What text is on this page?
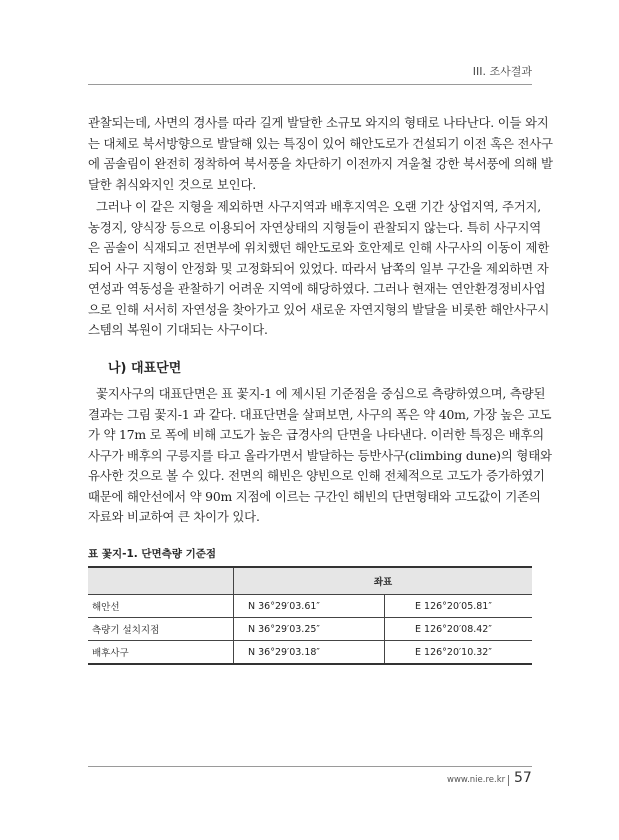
III. 조사결과
관찰되는데, 사면의 경사를 따라 길게 발달한 소규모 와지의 형태로 나타난다. 이들 와지
는 대체로 북서방향으로 발달해 있는 특징이 있어 해안도로가 건설되기 이전 혹은 전사구
에 곰솔림이 완전히 정착하여 북서풍을 차단하기 이전까지 겨울철 강한 북서풍에 의해 발
달한 취식와지인 것으로 보인다.
그러나 이 같은 지형을 제외하면 사구지역과 배후지역은 오랜 기간 상업지역, 주거지,
농경지, 양식장 등으로 이용되어 자연상태의 지형들이 관찰되지 않는다. 특히 사구지역
은 곰솔이 식재되고 전면부에 위치했던 해안도로와 호안제로 인해 사구사의 이동이 제한
되어 사구 지형이 안정화 및 고정화되어 있었다. 따라서 남쪽의 일부 구간을 제외하면 자
연성과 역동성을 관찰하기 어려운 지역에 해당하였다. 그러나 현재는 연안환경정비사업
으로 인해 서서히 자연성을 찾아가고 있어 새로운 자연지형의 발달을 비롯한 해안사구시
스템의 복원이 기대되는 사구이다.
나) 대표단면
꽃지사구의 대표단면은 표 꽃지-1 에 제시된 기준점을 중심으로 측량하였으며, 측량된
결과는 그림 꽃지-1 과 같다. 대표단면을 살펴보면, 사구의 폭은 약 40m, 가장 높은 고도
가 약 17m 로 폭에 비해 고도가 높은 급경사의 단면을 나타낸다. 이러한 특징은 배후의
사구가 배후의 구릉지를 타고 올라가면서 발달하는 등반사구(climbing dune)의 형태와
유사한 것으로 볼 수 있다. 전면의 해빈은 양빈으로 인해 전체적으로 고도가 증가하였기
때문에 해안선에서 약 90m 지점에 이르는 구간인 해빈의 단면형태와 고도값이 기존의
자료와 비교하여 큰 차이가 있다.
표 꽃지-1. 단면측량 기준점
	좌표	
해안선	N 36°29′03.61″	E 126°20′05.81″
측량기 설치지점	N 36°29′03.25″	E 126°20′08.42″
배후사구	N 36°29′03.18″	E 126°20′10.32″
www.nie.re.kr 57
